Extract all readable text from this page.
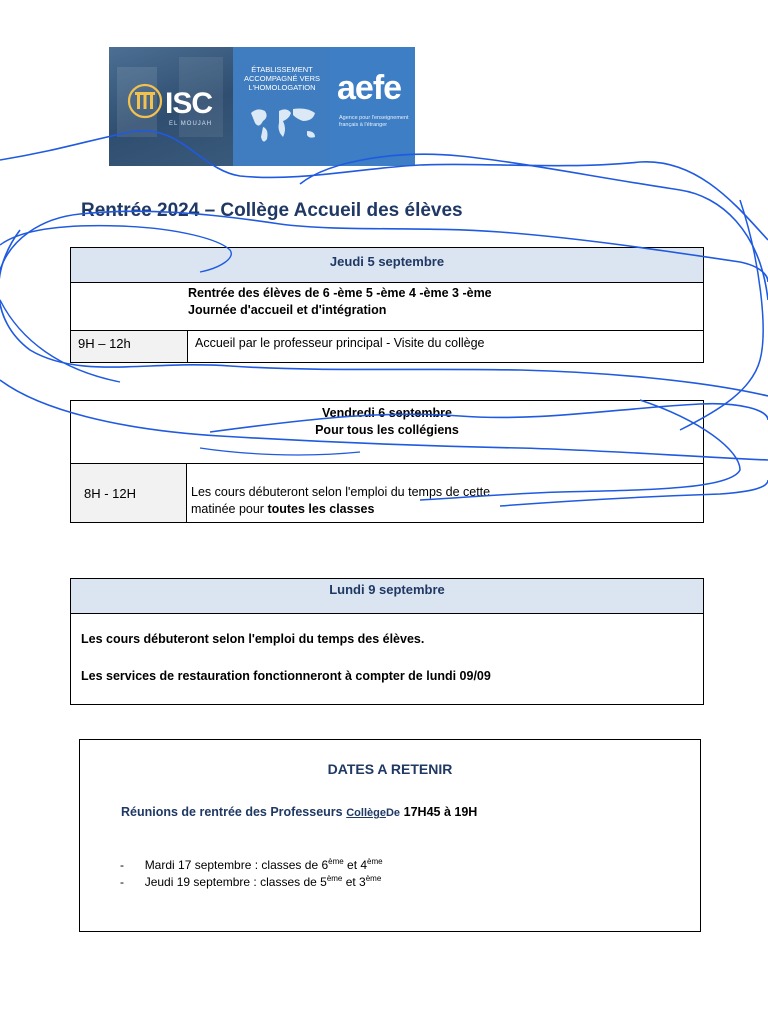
ISC
EL MOUJAH
ÉTABLISSEMENT ACCOMPAGNÉ VERS L'HOMOLOGATION aefe
Agence pour l'enseignement français à l'étranger
Rentrée 2024 – Collège Accueil des élèves
Jeudi 5 septembre
Rentrée des élèves de 6 -ème 5 -ème 4 -ème 3 -ème
Journée d'accueil et d'intégration
9H – 12h	Accueil par le professeur principal - Visite du collège
Vendredi 6 septembre
Pour tous les collégiens
8H - 12H	Les cours débuteront selon l'emploi du temps de cette
matinée pour toutes les classes
Lundi 9 septembre
Les cours débuteront selon l'emploi du temps des élèves.
Les services de restauration fonctionneront à compter de lundi 09/09
DATES A RETENIR
Réunions de rentrée des Professeurs CollègeDe 17H45 à 19H
- Mardi 17 septembre : classes de 6ème et 4ème
- Jeudi 19 septembre : classes de 5ème et 3ème
